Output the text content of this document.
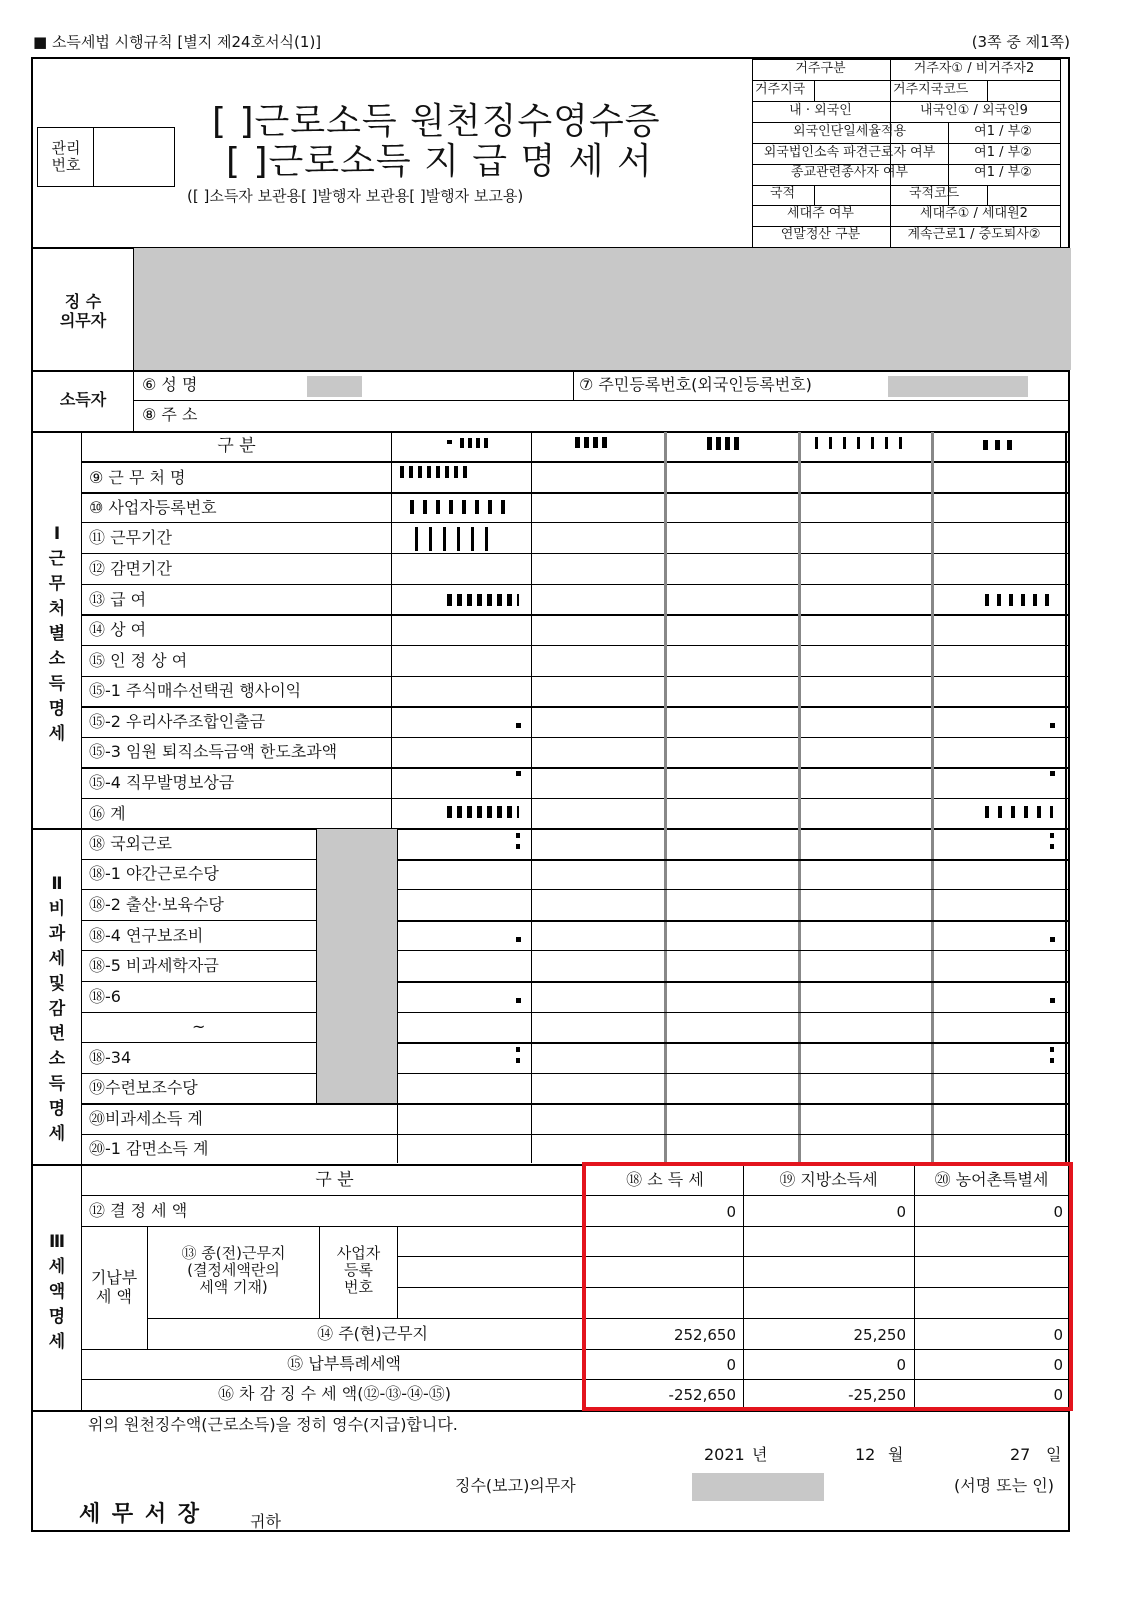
■ 소득세법 시행규칙 [별지 제24호서식(1)]	(3쪽 중 제1쪽)
관리
번호
[ ]근로소득 원천징수영수증
[ ]근로소득 지 급 명 세 서
([ ]소득자 보관용[ ]발행자 보관용[ ]발행자 보고용)
거주구분	거주자① / 비거주자2
거주지국	거주지국코드
내 · 외국인	내국인① / 외국인9
외국인단일세율적용	여1 / 부②
외국법인소속 파견근로자 여부	여1 / 부②
종교관련종사자 여부	여1 / 부②
국적	국적코드
세대주 여부	세대주① / 세대원2
연말정산 구분	계속근로1 / 중도퇴사②
징 수
의무자
소득자
⑥ 성 명	⑦ 주민등록번호(외국인등록번호)
⑧ 주 소
Ⅰ 근무처별소득명세
구 분
⑨ 근 무 처 명
⑩ 사업자등록번호
⑪ 근무기간
⑫ 감면기간
⑬ 급 여
⑭ 상 여
⑮ 인 정 상 여
⑮-1 주식매수선택권 행사이익
⑮-2 우리사주조합인출금
⑮-3 임원 퇴직소득금액 한도초과액
⑮-4 직무발명보상금
⑯ 계
Ⅱ 비과세및감면소득명세
⑱ 국외근로
⑱-1 야간근로수당
⑱-2 출산·보육수당
⑱-4 연구보조비
⑱-5 비과세학자금
⑱-6
~
⑱-34
⑲수련보조수당
⑳비과세소득 계
⑳-1 감면소득 계
Ⅲ 세액명세
구 분	⑱ 소 득 세	⑲ 지방소득세	⑳ 농어촌특별세
⑫ 결 정 세 액	0	0	0
기납부
세 액
⑬ 종(전)근무지
(결정세액란의
세액 기재)
사업자
등록
번호
⑭ 주(현)근무지	252,650	25,250	0
⑮ 납부특례세액	0	0	0
⑯ 차 감 징 수 세 액(⑫-⑬-⑭-⑮)	-252,650	-25,250	0
위의 원천징수액(근로소득)을 정히 영수(지급)합니다.
2021 년	12 월	27 일
징수(보고)의무자	(서명 또는 인)
세 무 서 장	귀하
